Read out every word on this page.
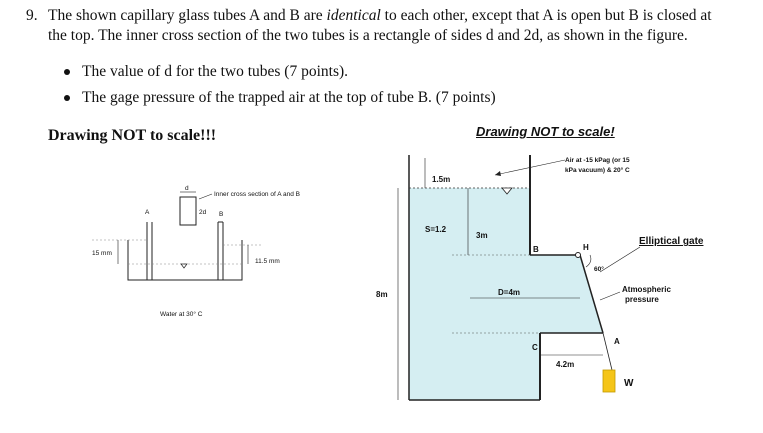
9. The shown capillary glass tubes A and B are identical to each other, except that A is open but B is closed at
the top. The inner cross section of the two tubes is a rectangle of sides d and 2d, as shown in the figure.
The value of d for the two tubes (7 points).
The gage pressure of the trapped air at the top of tube B. (7 points)
Drawing NOT to scale!!!	Drawing NOT to scale!
d
2d
Inner cross section of A and B
A	B
15 mm
11.5 mm
Water at 30° C
1.5m
Air at -15 kPag (or 15
kPa vacuum) & 20° C
S=1.2
3m
8m
B	H
Elliptical gate
60°
D=4m	Atmospheric
pressure
A
C
4.2m
W
